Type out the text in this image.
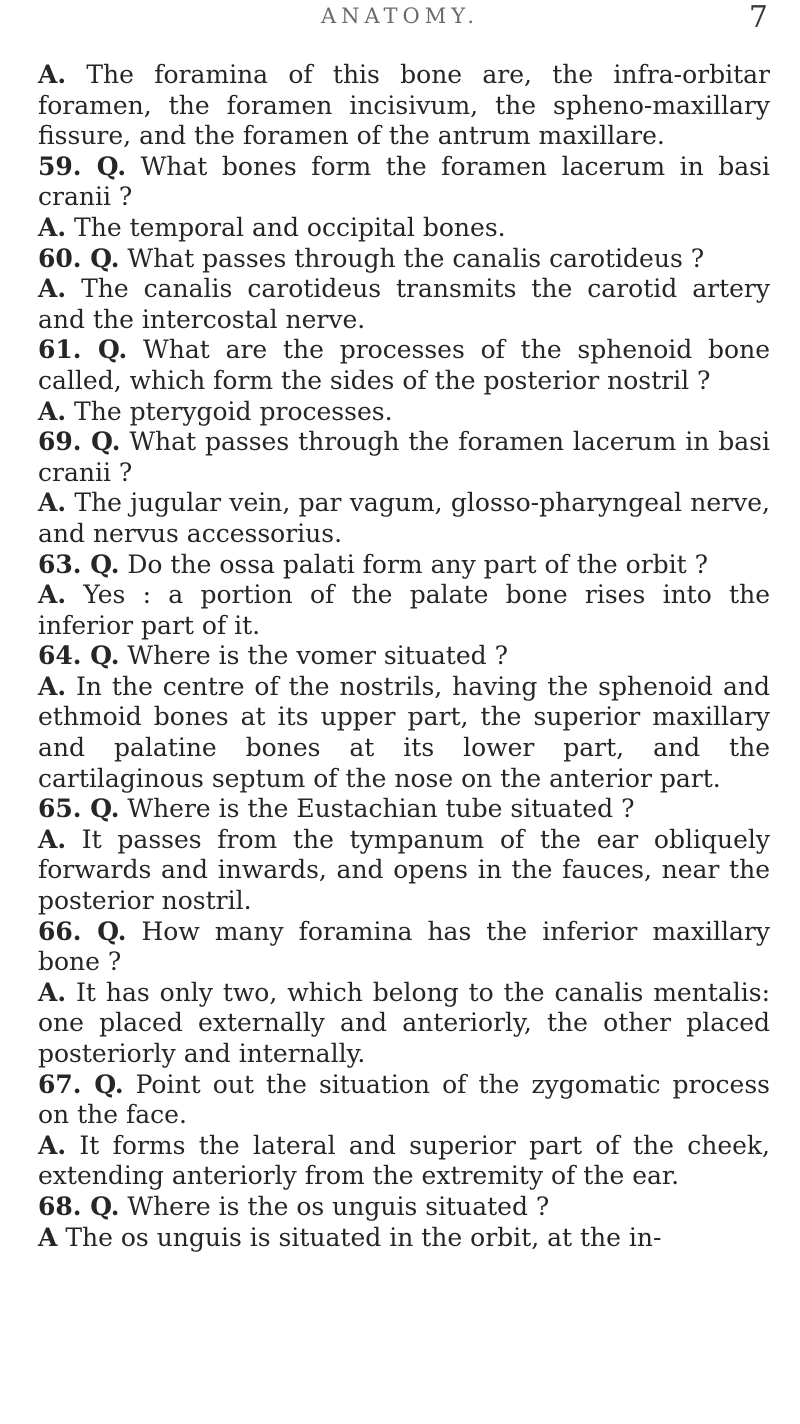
ANATOMY.	7

A. The foramina of this bone are, the infra-orbitar foramen, the foramen incisivum, the spheno-maxillary fissure, and the foramen of the antrum maxillare.

59. Q. What bones form the foramen lacerum in basi cranii ?

A. The temporal and occipital bones.

60. Q. What passes through the canalis carotideus ?

A. The canalis carotideus transmits the carotid artery and the intercostal nerve.

61. Q. What are the processes of the sphenoid bone called, which form the sides of the posterior nostril ?

A. The pterygoid processes.

69. Q. What passes through the foramen lacerum in basi cranii ?

A. The jugular vein, par vagum, glosso-pharyngeal nerve, and nervus accessorius.

63. Q. Do the ossa palati form any part of the orbit ?

A. Yes : a portion of the palate bone rises into the inferior part of it.

64. Q. Where is the vomer situated ?

A. In the centre of the nostrils, having the sphenoid and ethmoid bones at its upper part, the superior maxillary and palatine bones at its lower part, and the cartilaginous septum of the nose on the anterior part.

65. Q. Where is the Eustachian tube situated ?

A. It passes from the tympanum of the ear obliquely forwards and inwards, and opens in the fauces, near the posterior nostril.

66. Q. How many foramina has the inferior maxillary bone ?

A. It has only two, which belong to the canalis mentalis: one placed externally and anteriorly, the other placed posteriorly and internally.

67. Q. Point out the situation of the zygomatic process on the face.

A. It forms the lateral and superior part of the cheek, extending anteriorly from the extremity of the ear.

68. Q. Where is the os unguis situated ?

A The os unguis is situated in the orbit, at the in-
